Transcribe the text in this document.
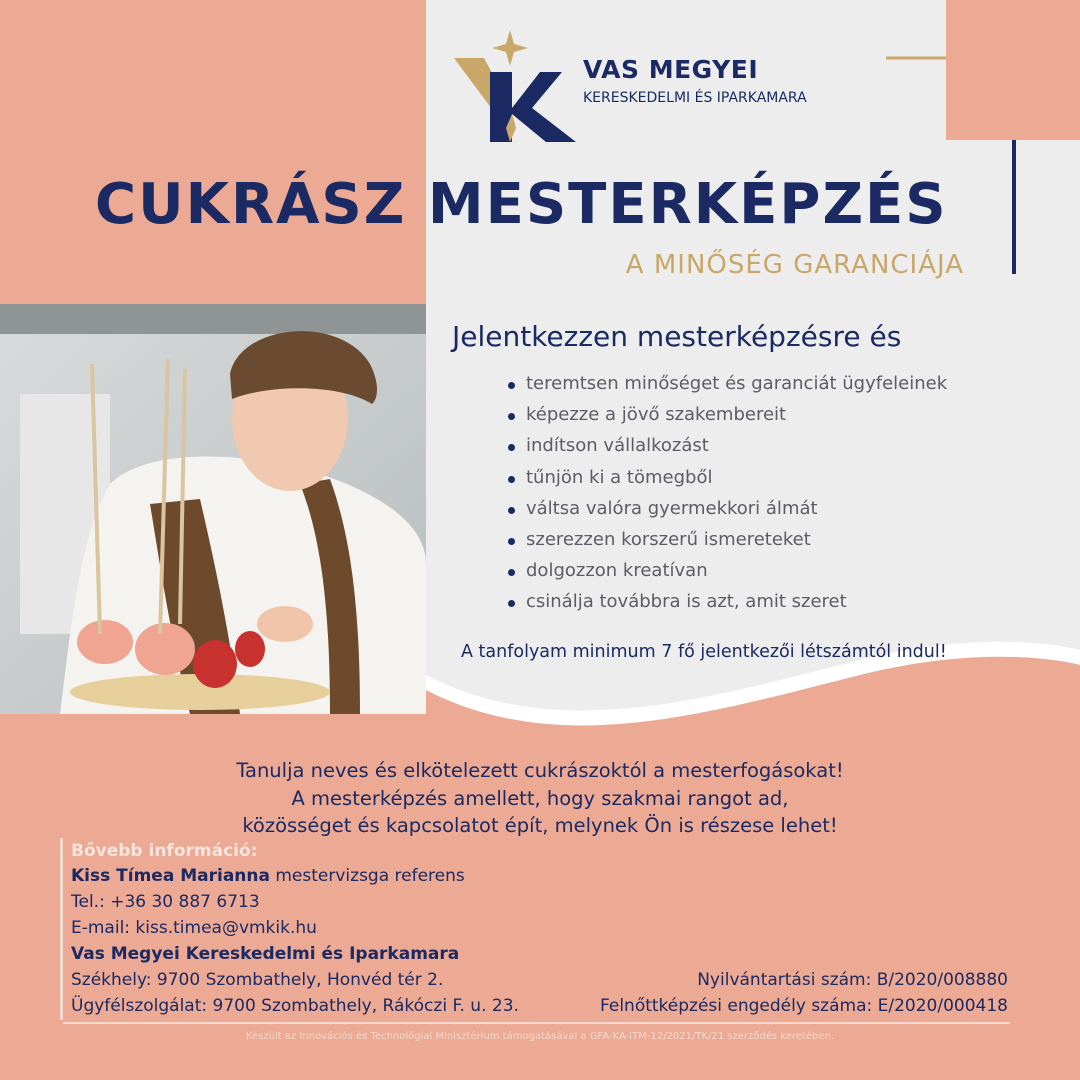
VAS MEGYEI
KERESKEDELMI ÉS IPARKAMARA
CUKRÁSZ MESTERKÉPZÉS
A MINŐSÉG GARANCIÁJA
Jelentkezzen mesterképzésre és
teremtsen minőséget és garanciát ügyfeleinek
képezze a jövő szakembereit
indítson vállalkozást
tűnjön ki a tömegből
váltsa valóra gyermekkori álmát
szerezzen korszerű ismereteket
dolgozzon kreatívan
csinálja továbbra is azt, amit szeret
A tanfolyam minimum 7 fő jelentkezői létszámtól indul!
Tanulja neves és elkötelezett cukrászoktól a mesterfogásokat!
A mesterképzés amellett, hogy szakmai rangot ad,
közösséget és kapcsolatot épít, melynek Ön is részese lehet!
Bővebb információ:
Kiss Tímea Marianna mestervizsga referens
Tel.: +36 30 887 6713
E-mail: kiss.timea@vmkik.hu
Vas Megyei Kereskedelmi és Iparkamara
Székhely: 9700 Szombathely, Honvéd tér 2.
Ügyfélszolgálat: 9700 Szombathely, Rákóczi F. u. 23.
Nyilvántartási szám: B/2020/008880
Felnőttképzési engedély száma: E/2020/000418
Készült az Innovációs és Technológiai Minisztérium támogatásával a GFA-KA-ITM-12/2021/TK/21 szerződés keretében.
